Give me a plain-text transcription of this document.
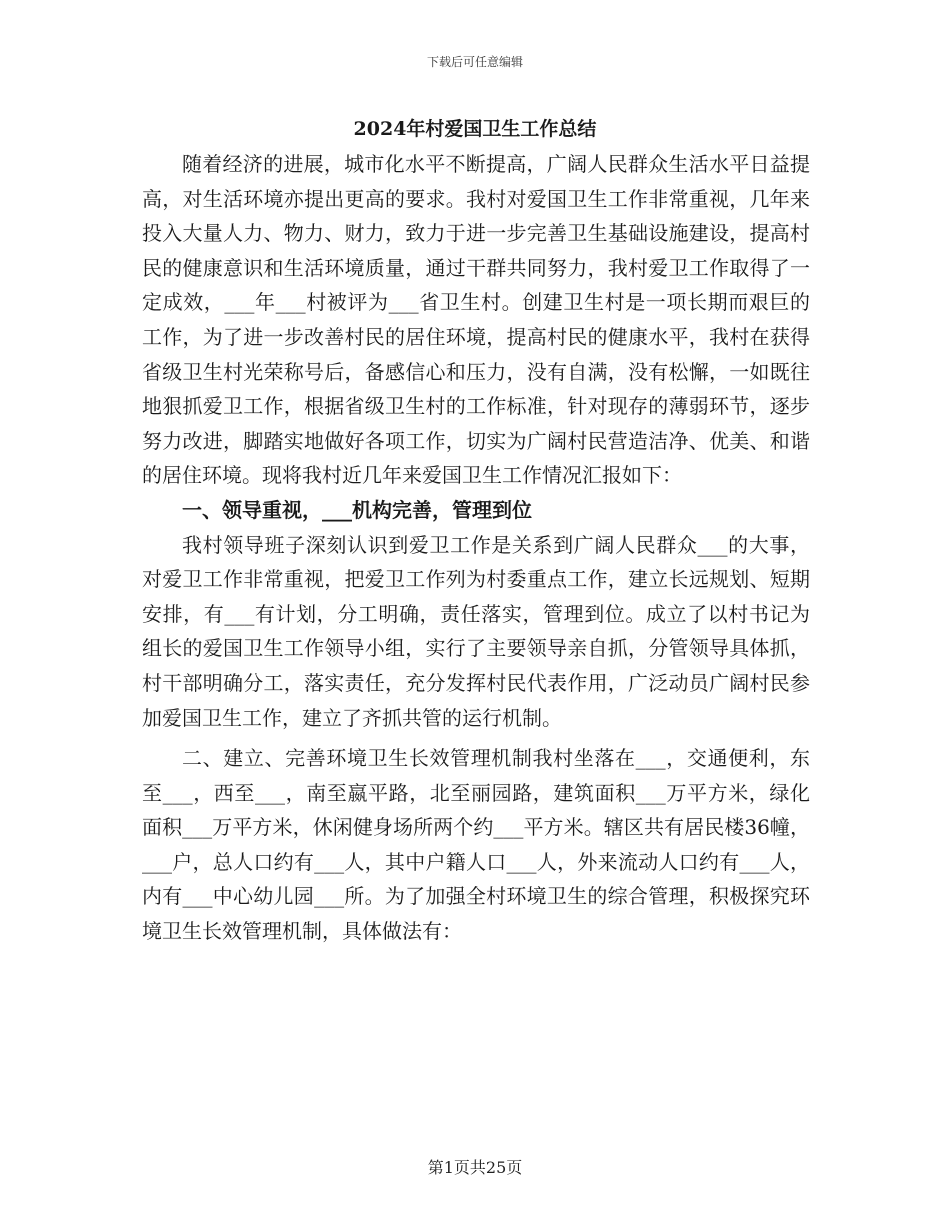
下载后可任意编辑
2024年村爱国卫生工作总结

随着经济的进展，城市化水平不断提高，广阔人民群众生活水平日益提高，对生活环境亦提出更高的要求。我村对爱国卫生工作非常重视，几年来投入大量人力、物力、财力，致力于进一步完善卫生基础设施建设，提高村民的健康意识和生活环境质量，通过干群共同努力，我村爱卫工作取得了一定成效，___年___村被评为___省卫生村。创建卫生村是一项长期而艰巨的工作，为了进一步改善村民的居住环境，提高村民的健康水平，我村在获得省级卫生村光荣称号后，备感信心和压力，没有自满，没有松懈，一如既往地狠抓爱卫工作，根据省级卫生村的工作标准，针对现存的薄弱环节，逐步努力改进，脚踏实地做好各项工作，切实为广阔村民营造洁净、优美、和谐的居住环境。现将我村近几年来爱国卫生工作情况汇报如下：

一、领导重视，___机构完善，管理到位

我村领导班子深刻认识到爱卫工作是关系到广阔人民群众___的大事，对爱卫工作非常重视，把爱卫工作列为村委重点工作，建立长远规划、短期安排，有___有计划，分工明确，责任落实，管理到位。成立了以村书记为组长的爱国卫生工作领导小组，实行了主要领导亲自抓，分管领导具体抓，村干部明确分工，落实责任，充分发挥村民代表作用，广泛动员广阔村民参加爱国卫生工作，建立了齐抓共管的运行机制。

二、建立、完善环境卫生长效管理机制我村坐落在___，交通便利，东至___，西至___，南至嬴平路，北至丽园路，建筑面积___万平方米，绿化面积___万平方米，休闲健身场所两个约___平方米。辖区共有居民楼36幢，___户，总人口约有___人，其中户籍人口___人，外来流动人口约有___人，内有___中心幼儿园___所。为了加强全村环境卫生的综合管理，积极探究环境卫生长效管理机制，具体做法有：

第1页共25页
